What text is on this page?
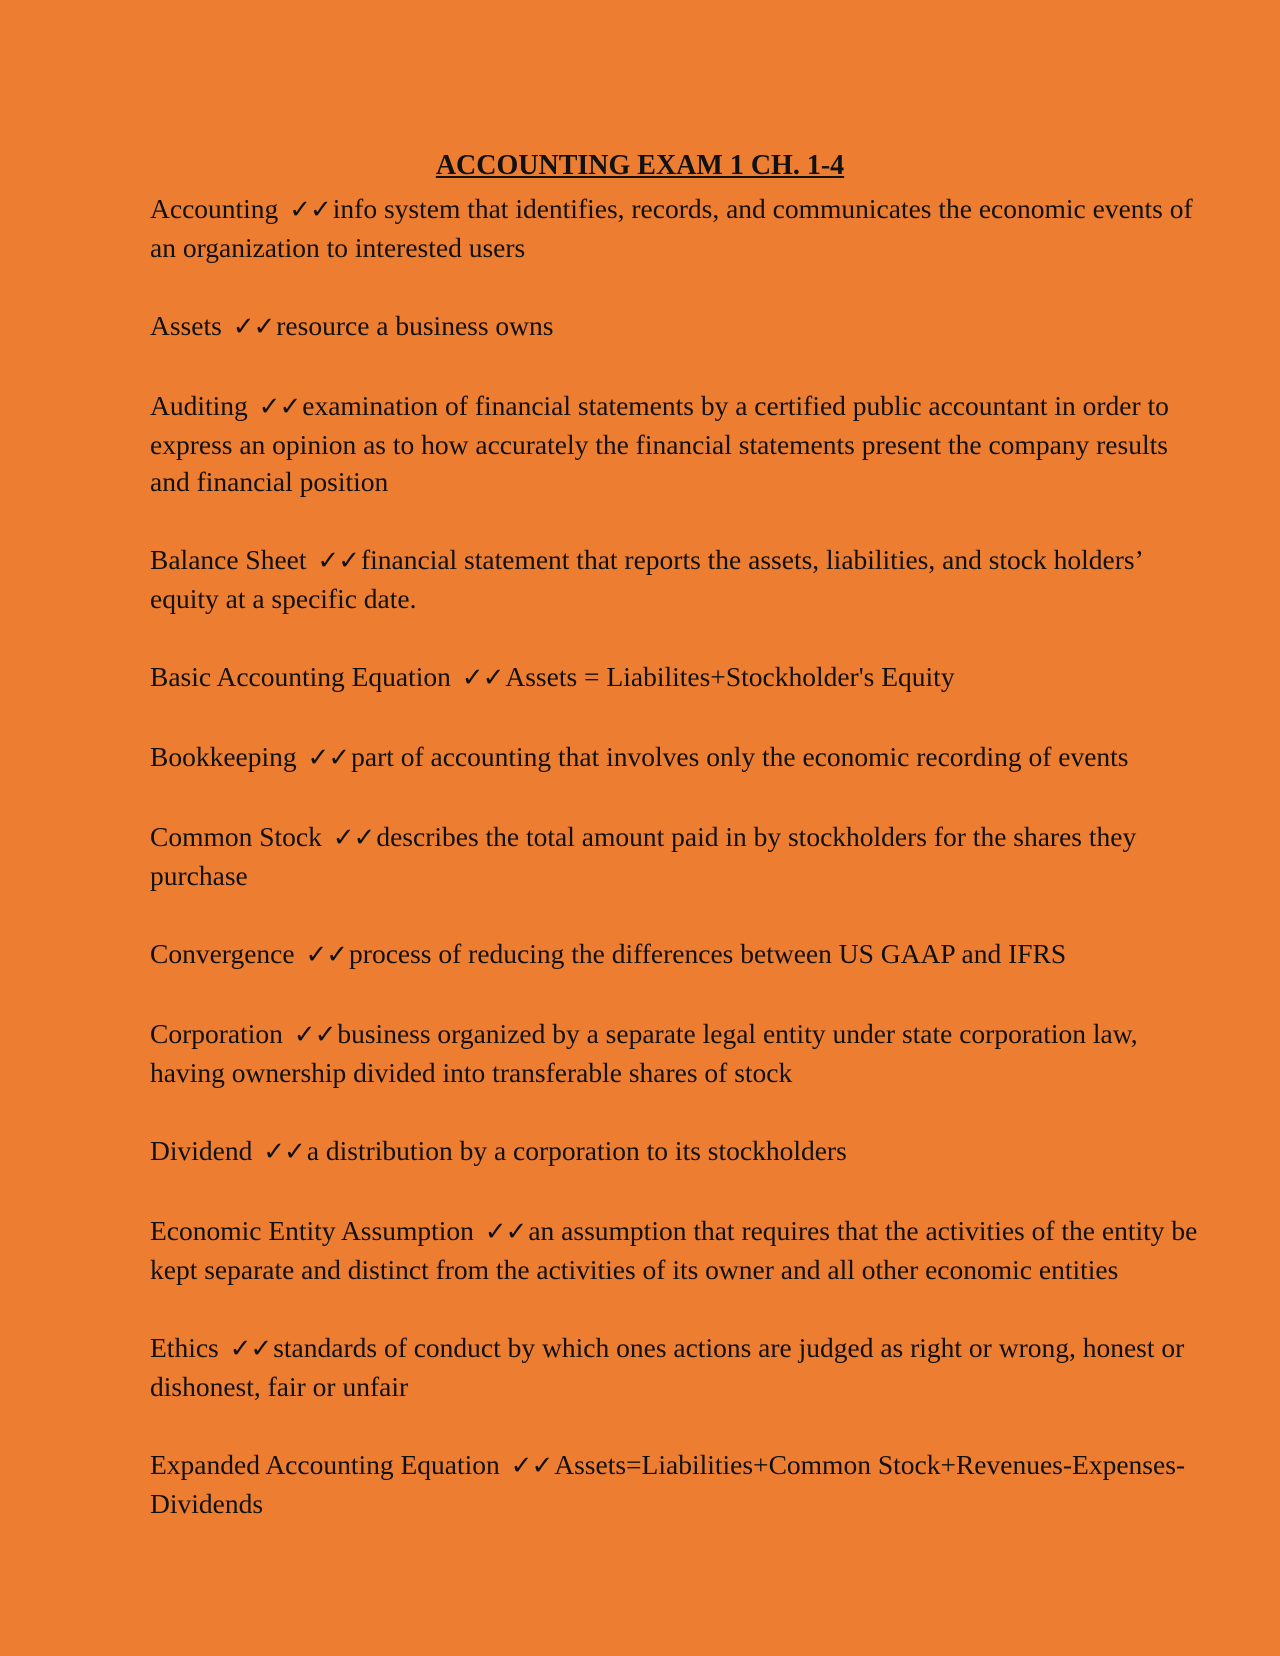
ACCOUNTING EXAM 1 CH. 1-4
Accounting ✓✓info system that identifies, records, and communicates the economic events of an organization to interested users
Assets ✓✓resource a business owns
Auditing ✓✓examination of financial statements by a certified public accountant in order to express an opinion as to how accurately the financial statements present the company results and financial position
Balance Sheet ✓✓financial statement that reports the assets, liabilities, and stock holders’ equity at a specific date.
Basic Accounting Equation ✓✓Assets = Liabilites+Stockholder's Equity
Bookkeeping ✓✓part of accounting that involves only the economic recording of events
Common Stock ✓✓describes the total amount paid in by stockholders for the shares they purchase
Convergence ✓✓process of reducing the differences between US GAAP and IFRS
Corporation ✓✓business organized by a separate legal entity under state corporation law, having ownership divided into transferable shares of stock
Dividend ✓✓a distribution by a corporation to its stockholders
Economic Entity Assumption ✓✓an assumption that requires that the activities of the entity be kept separate and distinct from the activities of its owner and all other economic entities
Ethics ✓✓standards of conduct by which ones actions are judged as right or wrong, honest or dishonest, fair or unfair
Expanded Accounting Equation ✓✓Assets=Liabilities+Common Stock+Revenues-Expenses-Dividends
